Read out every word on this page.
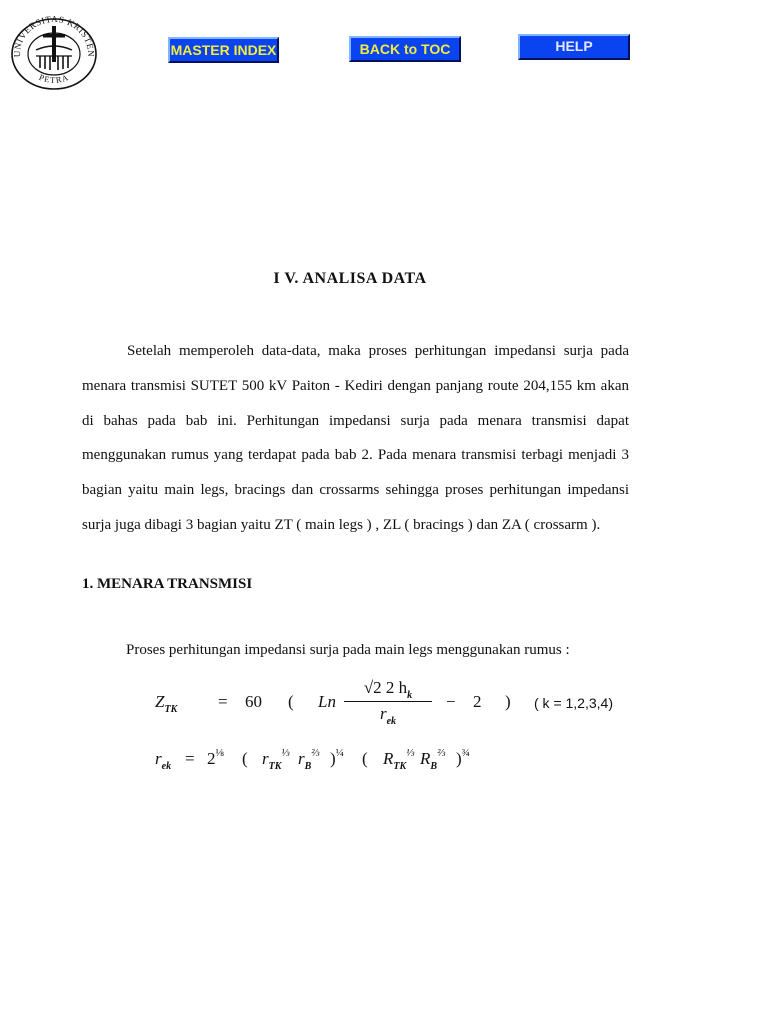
UNIVERSITAS KRISTEN
PETRA
MASTER INDEX	BACK to TOC	HELP
I V. ANALISA DATA

Setelah memperoleh data-data, maka proses perhitungan impedansi surja pada menara transmisi SUTET 500 kV Paiton - Kediri dengan panjang route 204,155 km akan di bahas pada bab ini. Perhitungan impedansi surja pada menara transmisi dapat menggunakan rumus yang terdapat pada bab 2. Pada menara transmisi terbagi menjadi 3 bagian yaitu main legs, bracings dan crossarms sehingga proses perhitungan impedansi surja juga dibagi 3 bagian yaitu ZT ( main legs ) , ZL ( bracings ) dan ZA ( crossarm ).

1. MENARA TRANSMISI

Proses perhitungan impedansi surja pada main legs menggunakan rumus :

$Z_{TK} = 60$ ( Ln
√2 2 $h_k$
$r_{ek}$
− 2 ) ( k = 1,2,3,4)
$r_{ek} = 2^{\frac{1}{8}}$ ( $r_{TK}^{\frac{1}{3}}$ $r_B^{\frac{2}{3}}$ )$^{\frac{1}{4}}$ ( $R_{TK}^{\frac{1}{3}}$ $R_B^{\frac{2}{3}}$ )$^{\frac{3}{4}}$
